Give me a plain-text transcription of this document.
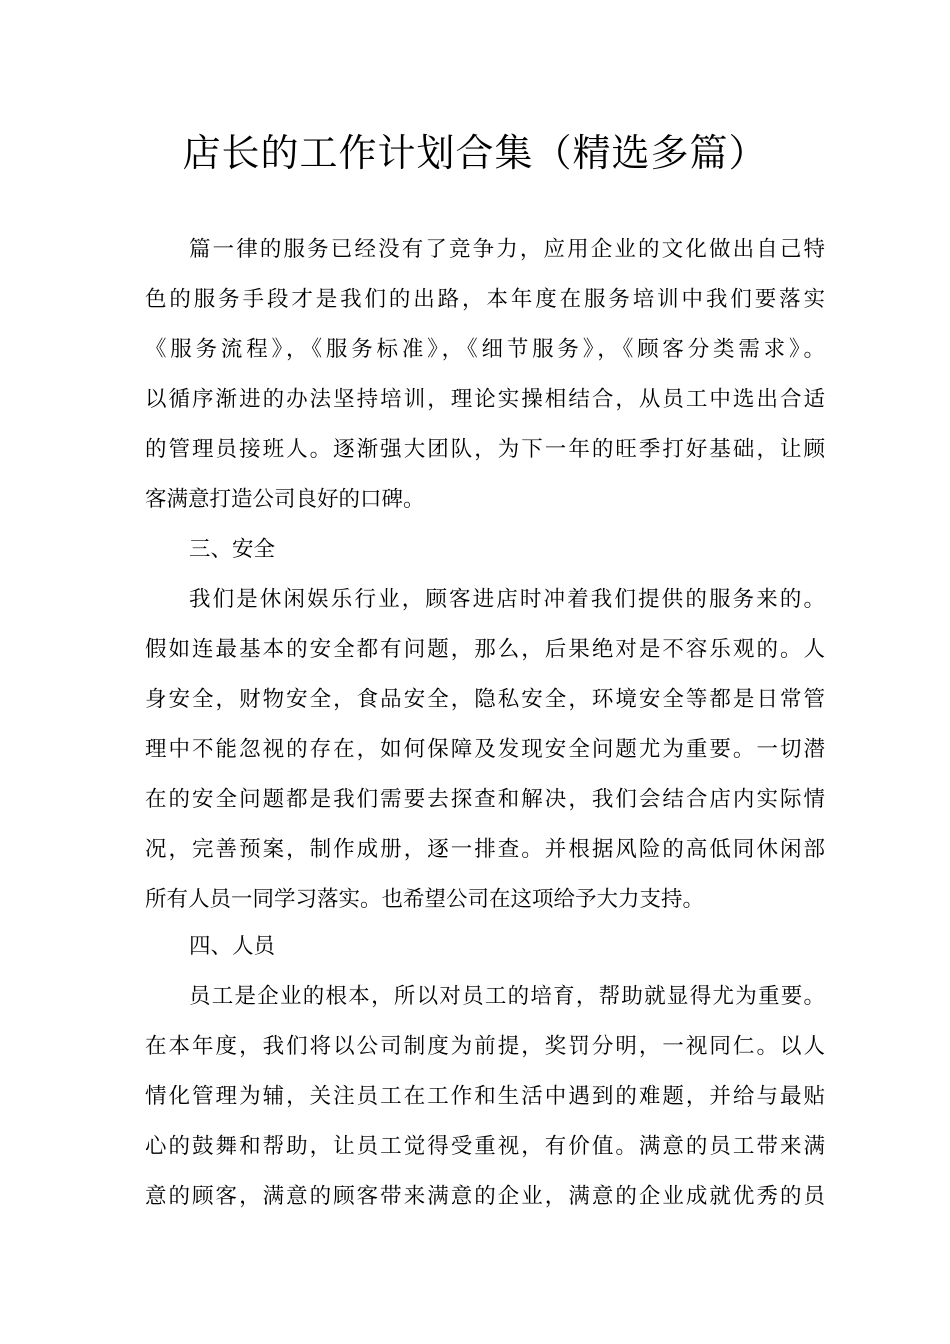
店长的工作计划合集（精选多篇）

篇一律的服务已经没有了竞争力，应用企业的文化做出自己特

色的服务手段才是我们的出路，本年度在服务培训中我们要落实

《服务流程》，《服务标准》，《细节服务》，《顾客分类需求》。

以循序渐进的办法坚持培训，理论实操相结合，从员工中选出合适

的管理员接班人。逐渐强大团队，为下一年的旺季打好基础，让顾

客满意打造公司良好的口碑。

三、安全

我们是休闲娱乐行业，顾客进店时冲着我们提供的服务来的。

假如连最基本的安全都有问题，那么，后果绝对是不容乐观的。人

身安全，财物安全，食品安全，隐私安全，环境安全等都是日常管

理中不能忽视的存在，如何保障及发现安全问题尤为重要。一切潜

在的安全问题都是我们需要去探查和解决，我们会结合店内实际情

况，完善预案，制作成册，逐一排查。并根据风险的高低同休闲部

所有人员一同学习落实。也希望公司在这项给予大力支持。

四、人员

员工是企业的根本，所以对员工的培育，帮助就显得尤为重要。

在本年度，我们将以公司制度为前提，奖罚分明，一视同仁。以人

情化管理为辅，关注员工在工作和生活中遇到的难题，并给与最贴

心的鼓舞和帮助，让员工觉得受重视，有价值。满意的员工带来满

意的顾客，满意的顾客带来满意的企业，满意的企业成就优秀的员
